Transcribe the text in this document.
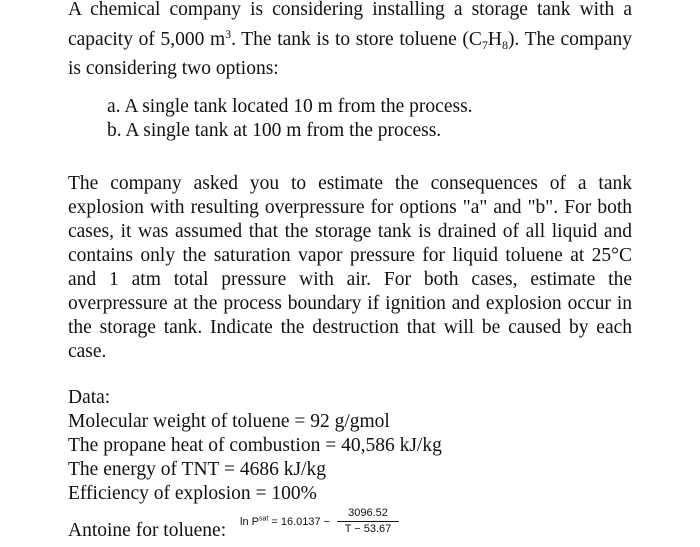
A chemical company is considering installing a storage tank with a capacity of 5,000 $m^3$. The tank is to store toluene $(C_7H_8)$. The company is considering two options:

a. A single tank located 10 m from the process.

b. A single tank at 100 m from the process.

The company asked you to estimate the consequences of a tank explosion with resulting overpressure for options "a" and "b". For both cases, it was assumed that the storage tank is drained of all liquid and contains only the saturation vapor pressure for liquid toluene at 25°C and 1 atm total pressure with air. For both cases, estimate the overpressure at the process boundary if ignition and explosion occur in the storage tank. Indicate the destruction that will be caused by each case.

Data:

Molecular weight of toluene = 92 g/gmol

The propane heat of combustion = 40,586 kJ/kg

The energy of TNT = 4686 kJ/kg

Efficiency of explosion = 100%

Antoine for toluene: $\ln P^{sat} = 16.0137$ −
3096.52
T − 53.67
